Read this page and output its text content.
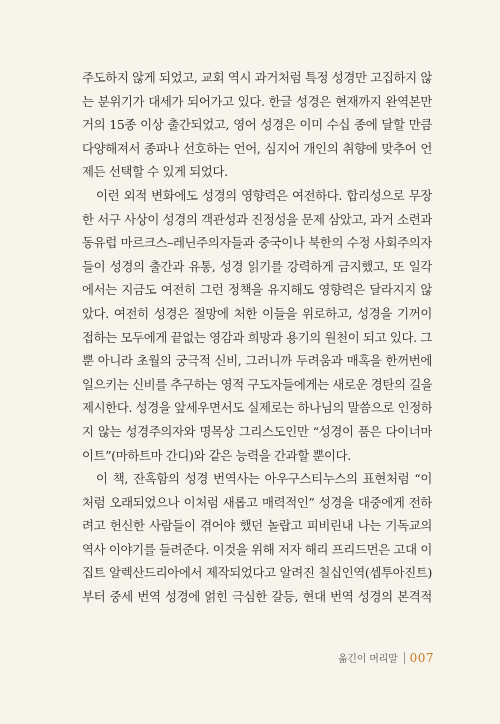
주도하지 않게 되었고, 교회 역시 과거처럼 특정 성경만 고집하지 않
는 분위기가 대세가 되어가고 있다. 한글 성경은 현재까지 완역본만
거의 15종 이상 출간되었고, 영어 성경은 이미 수십 종에 달할 만큼
다양해져서 종파나 선호하는 언어, 심지어 개인의 취향에 맞추어 언
제든 선택할 수 있게 되었다.
이런 외적 변화에도 성경의 영향력은 여전하다. 합리성으로 무장
한 서구 사상이 성경의 객관성과 진정성을 문제 삼았고, 과거 소련과
동유럽 마르크스–레닌주의자들과 중국이나 북한의 수정 사회주의자
들이 성경의 출간과 유통, 성경 읽기를 강력하게 금지했고, 또 일각
에서는 지금도 여전히 그런 정책을 유지해도 영향력은 달라지지 않
았다. 여전히 성경은 절망에 처한 이들을 위로하고, 성경을 기꺼이
접하는 모두에게 끝없는 영감과 희망과 용기의 원천이 되고 있다. 그
뿐 아니라 초월의 궁극적 신비, 그러니까 두려움과 매혹을 한꺼번에
일으키는 신비를 추구하는 영적 구도자들에게는 새로운 경탄의 길을
제시한다. 성경을 앞세우면서도 실제로는 하나님의 말씀으로 인정하
지 않는 성경주의자와 명목상 그리스도인만 “성경이 품은 다이너마
이트”(마하트마 간디)와 같은 능력을 간과할 뿐이다.
이 책, 잔혹함의 성경 번역사는 아우구스티누스의 표현처럼 “이
처럼 오래되었으나 이처럼 새롭고 매력적인” 성경을 대중에게 전하
려고 헌신한 사람들이 겪어야 했던 놀랍고 피비린내 나는 기독교의
역사 이야기를 들려준다. 이것을 위해 저자 해리 프리드먼은 고대 이
집트 알렉산드리아에서 제작되었다고 알려진 칠십인역(셉투아진트)
부터 중세 번역 성경에 얽힌 극심한 갈등, 현대 번역 성경의 본격적
옮긴이 머리말 007
